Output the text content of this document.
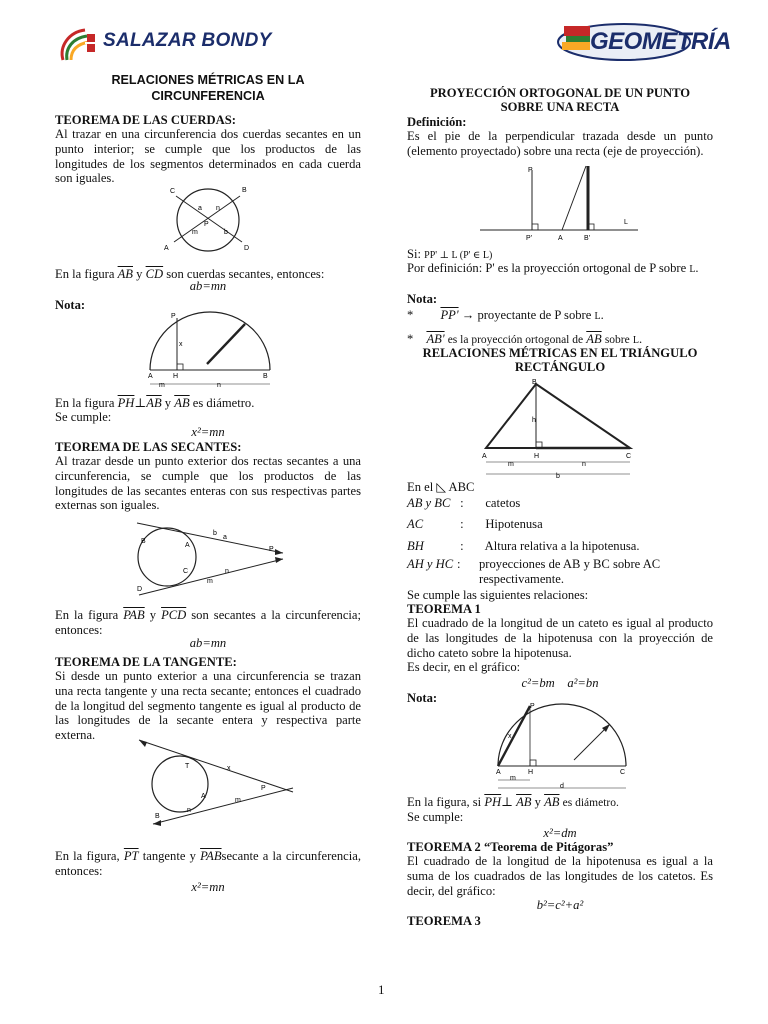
SALAZAR BONDY	GEOMETRÍA
RELACIONES MÉTRICAS EN LA
CIRCUNFERENCIA
TEOREMA DE LAS CUERDAS:

Al trazar en una circunferencia dos cuerdas secantes en un punto interior; se cumple que los productos de las longitudes de los segmentos determinados en cada cuerda son iguales.

C	B
A	D
P
a n
m	b
En la figura $\overline{AB}$ y $\overline{CD}$ son cuerdas secantes, entonces:
ab=mn
Nota:
P
x
A	H	B
m	n
En la figura $\overline{PH}\perp\overline{AB}$ y $\overline{AB}$ es diámetro.
Se cumple:
x²=mn
TEOREMA DE LAS SECANTES:

Al trazar desde un punto exterior dos rectas secantes a una circunferencia, se cumple que los productos de las longitudes de las secantes enteras con sus respectivas partes externas son iguales.

A
B
C
D
P
a
b
m
n
En la figura $\overline{PAB}$ y $\overline{PCD}$ son secantes a la circunferencia; entonces:
ab=mn
TEOREMA DE LA TANGENTE:

Si desde un punto exterior a una circunferencia se trazan una recta tangente y una recta secante; entonces el cuadrado de la longitud del segmento tangente es igual al producto de las longitudes de la secante entera y respectiva parte externa.

T
A
B
P
x
m
n
En la figura, $\overline{PT}$ tangente y $\overline{PAB}secante$ a la circunferencia, entonces:
x²=mn
PROYECCIÓN ORTOGONAL DE UN PUNTO
SOBRE UNA RECTA
Definición:

Es el pie de la perpendicular trazada desde un punto (elemento proyectado) sobre una recta (eje de proyección).

P
P'	A	B'
L
Si: PP' ⊥ L (P' ∈ L)

Por definición: P' es la proyección ortogonal de P sobre L.

Nota:
* PP' → proyectante de P sobre L.
* AB' es la proyección ortogonal de $\overline{AB}$ sobre L.
RELACIONES MÉTRICAS EN EL TRIÁNGULO
RECTÁNGULO
B
h
A	H	C
m	n
b
En el ◺ ABC
AB y BC : catetos
AC	: Hipotenusa
BH	: Altura relativa a la hipotenusa.
AH y HC :	proyecciones de AB y BC sobre AC respectivamente.
Se cumple las siguientes relaciones:
TEOREMA 1

El cuadrado de la longitud de un cateto es igual al producto de las longitudes de la hipotenusa con la proyección de dicho cateto sobre la hipotenusa.

Es decir, en el gráfico:
c²=bm    a²=bn
Nota:
P
x
A	H	C
m
d
En la figura, si $\overline{PH}\perp$ $\overline{AB}$ y $\overline{AB}$ es diámetro.
Se cumple:
x²=dm
TEOREMA 2 “Teorema de Pitágoras”

El cuadrado de la longitud de la hipotenusa es igual a la suma de los cuadrados de las longitudes de los catetos. Es decir, del gráfico:

b²=c²+a²
TEOREMA 3
1
